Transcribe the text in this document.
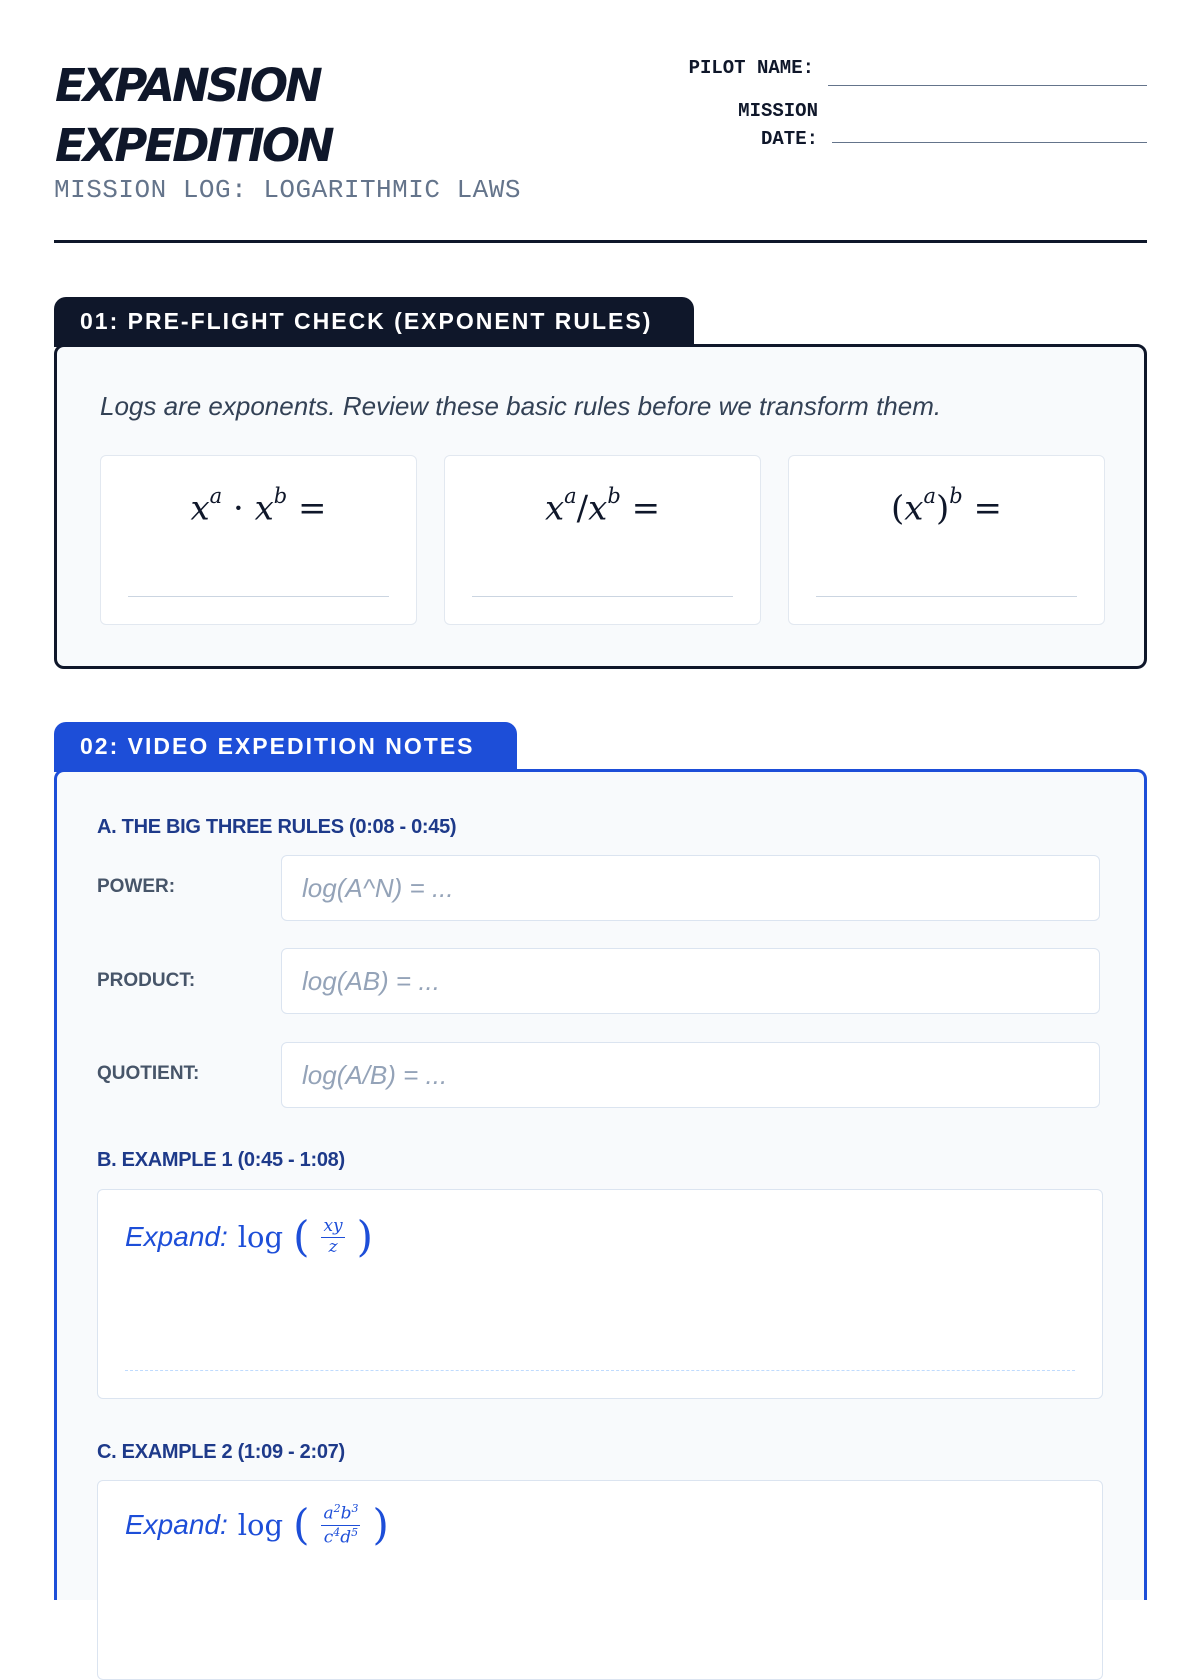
EXPANSION
EXPEDITION
MISSION LOG: LOGARITHMIC LAWS
PILOT NAME:
MISSION
DATE:
01: PRE-FLIGHT CHECK (EXPONENT RULES)
Logs are exponents. Review these basic rules before we transform them.
$x^a \cdot x^b$ =	$x^a/x^b$ =	$(x^a)^b$ =
02: VIDEO EXPEDITION NOTES
A. THE BIG THREE RULES (0:08 - 0:45)
POWER:
log(A^N) = ...
PRODUCT:
log(AB) = ...
QUOTIENT:
log(A/B) = ...
B. EXAMPLE 1 (0:45 - 1:08)
Expand: log ( $\frac{xy}{z}$ )
C. EXAMPLE 2 (1:09 - 2:07)
Expand: log ( $\frac{a^2b^3}{c^4d^5}$ )
